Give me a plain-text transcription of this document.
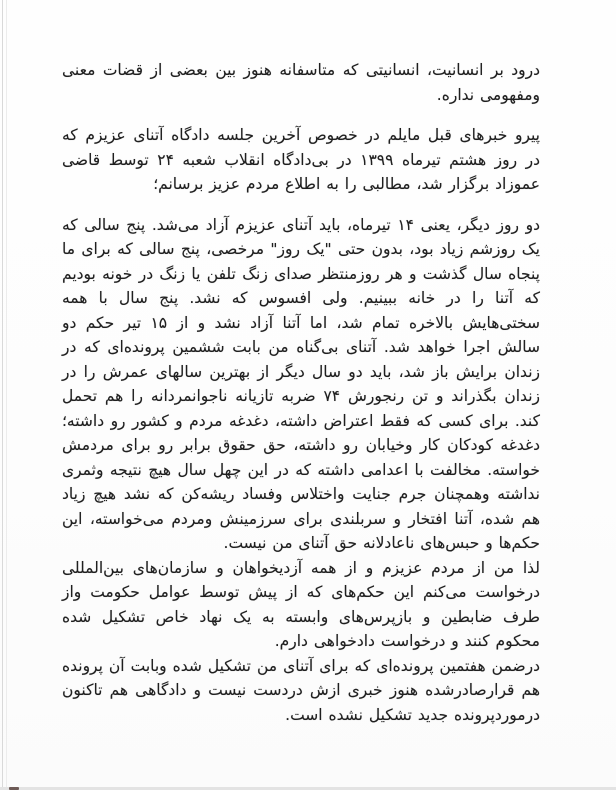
درود بر انسانیت، انسانیتی که متاسفانه هنوز بین بعضی از قضات معنی ومفهومی نداره.

پیرو خبرهای قبل مایلم در خصوص آخرین جلسه دادگاه آتنای عزیزم که در روز هشتم تیرماه ۱۳۹۹ در بی‌دادگاه انقلاب شعبه ۲۴ توسط قاضی عموزاد برگزار شد، مطالبی را به اطلاع مردم عزیز برسانم؛

دو روز دیگر، یعنی ۱۴ تیرماه، باید آتنای عزیزم آزاد می‌شد. پنج سالی که یک روزشم زیاد بود، بدون حتی "یک روز" مرخصی، پنج سالی که برای ما پنجاه سال گذشت و هر روزمنتظر صدای زنگ تلفن یا زنگ در خونه بودیم که آتنا را در خانه ببینیم. ولی افسوس که نشد. پنج سال با همه سختی‌هایش بالاخره تمام شد، اما آتنا آزاد نشد و از ۱۵ تیر حکم دو سالش اجرا خواهد شد. آتنای بی‌گناه من بابت ششمین پرونده‌ای که در زندان برایش باز شد، باید دو سال دیگر از بهترین سالهای عمرش را در زندان بگذراند و تن رنجورش ۷۴ ضربه تازیانه ناجوانمردانه را هم تحمل کند. برای کسی که فقط اعتراض داشته، دغدغه مردم و کشور رو داشته؛ دغدغه کودکان کار وخیابان رو داشته، حق حقوق برابر رو برای مردمش خواسته. مخالفت با اعدامی داشته که در این چهل سال هیچ نتیجه وثمری نداشته وهمچنان جرم جنایت واختلاس وفساد ریشه‌کن که نشد هیچ زیاد هم شده، آتنا افتخار و سربلندی برای سرزمینش ومردم می‌خواسته، این حکم‌ها و حبس‌های ناعادلانه حق آتنای من نیست.

لذا من از مردم عزیزم و از همه آزدیخواهان و سازمان‌های بین‌المللی درخواست می‌کنم این حکم‌های که از پیش توسط عوامل حکومت واز طرف ضابطین و بازپرس‌های وابسته به یک نهاد خاص تشکیل شده محکوم کنند و درخواست دادخواهی دارم.

درضمن هفتمین پرونده‌ای که برای آتنای من تشکیل شده وبابت آن پرونده هم قرارصادرشده هنوز خبری ازش دردست نیست و دادگاهی هم تاکنون درموردپرونده جدید تشکیل نشده است.
